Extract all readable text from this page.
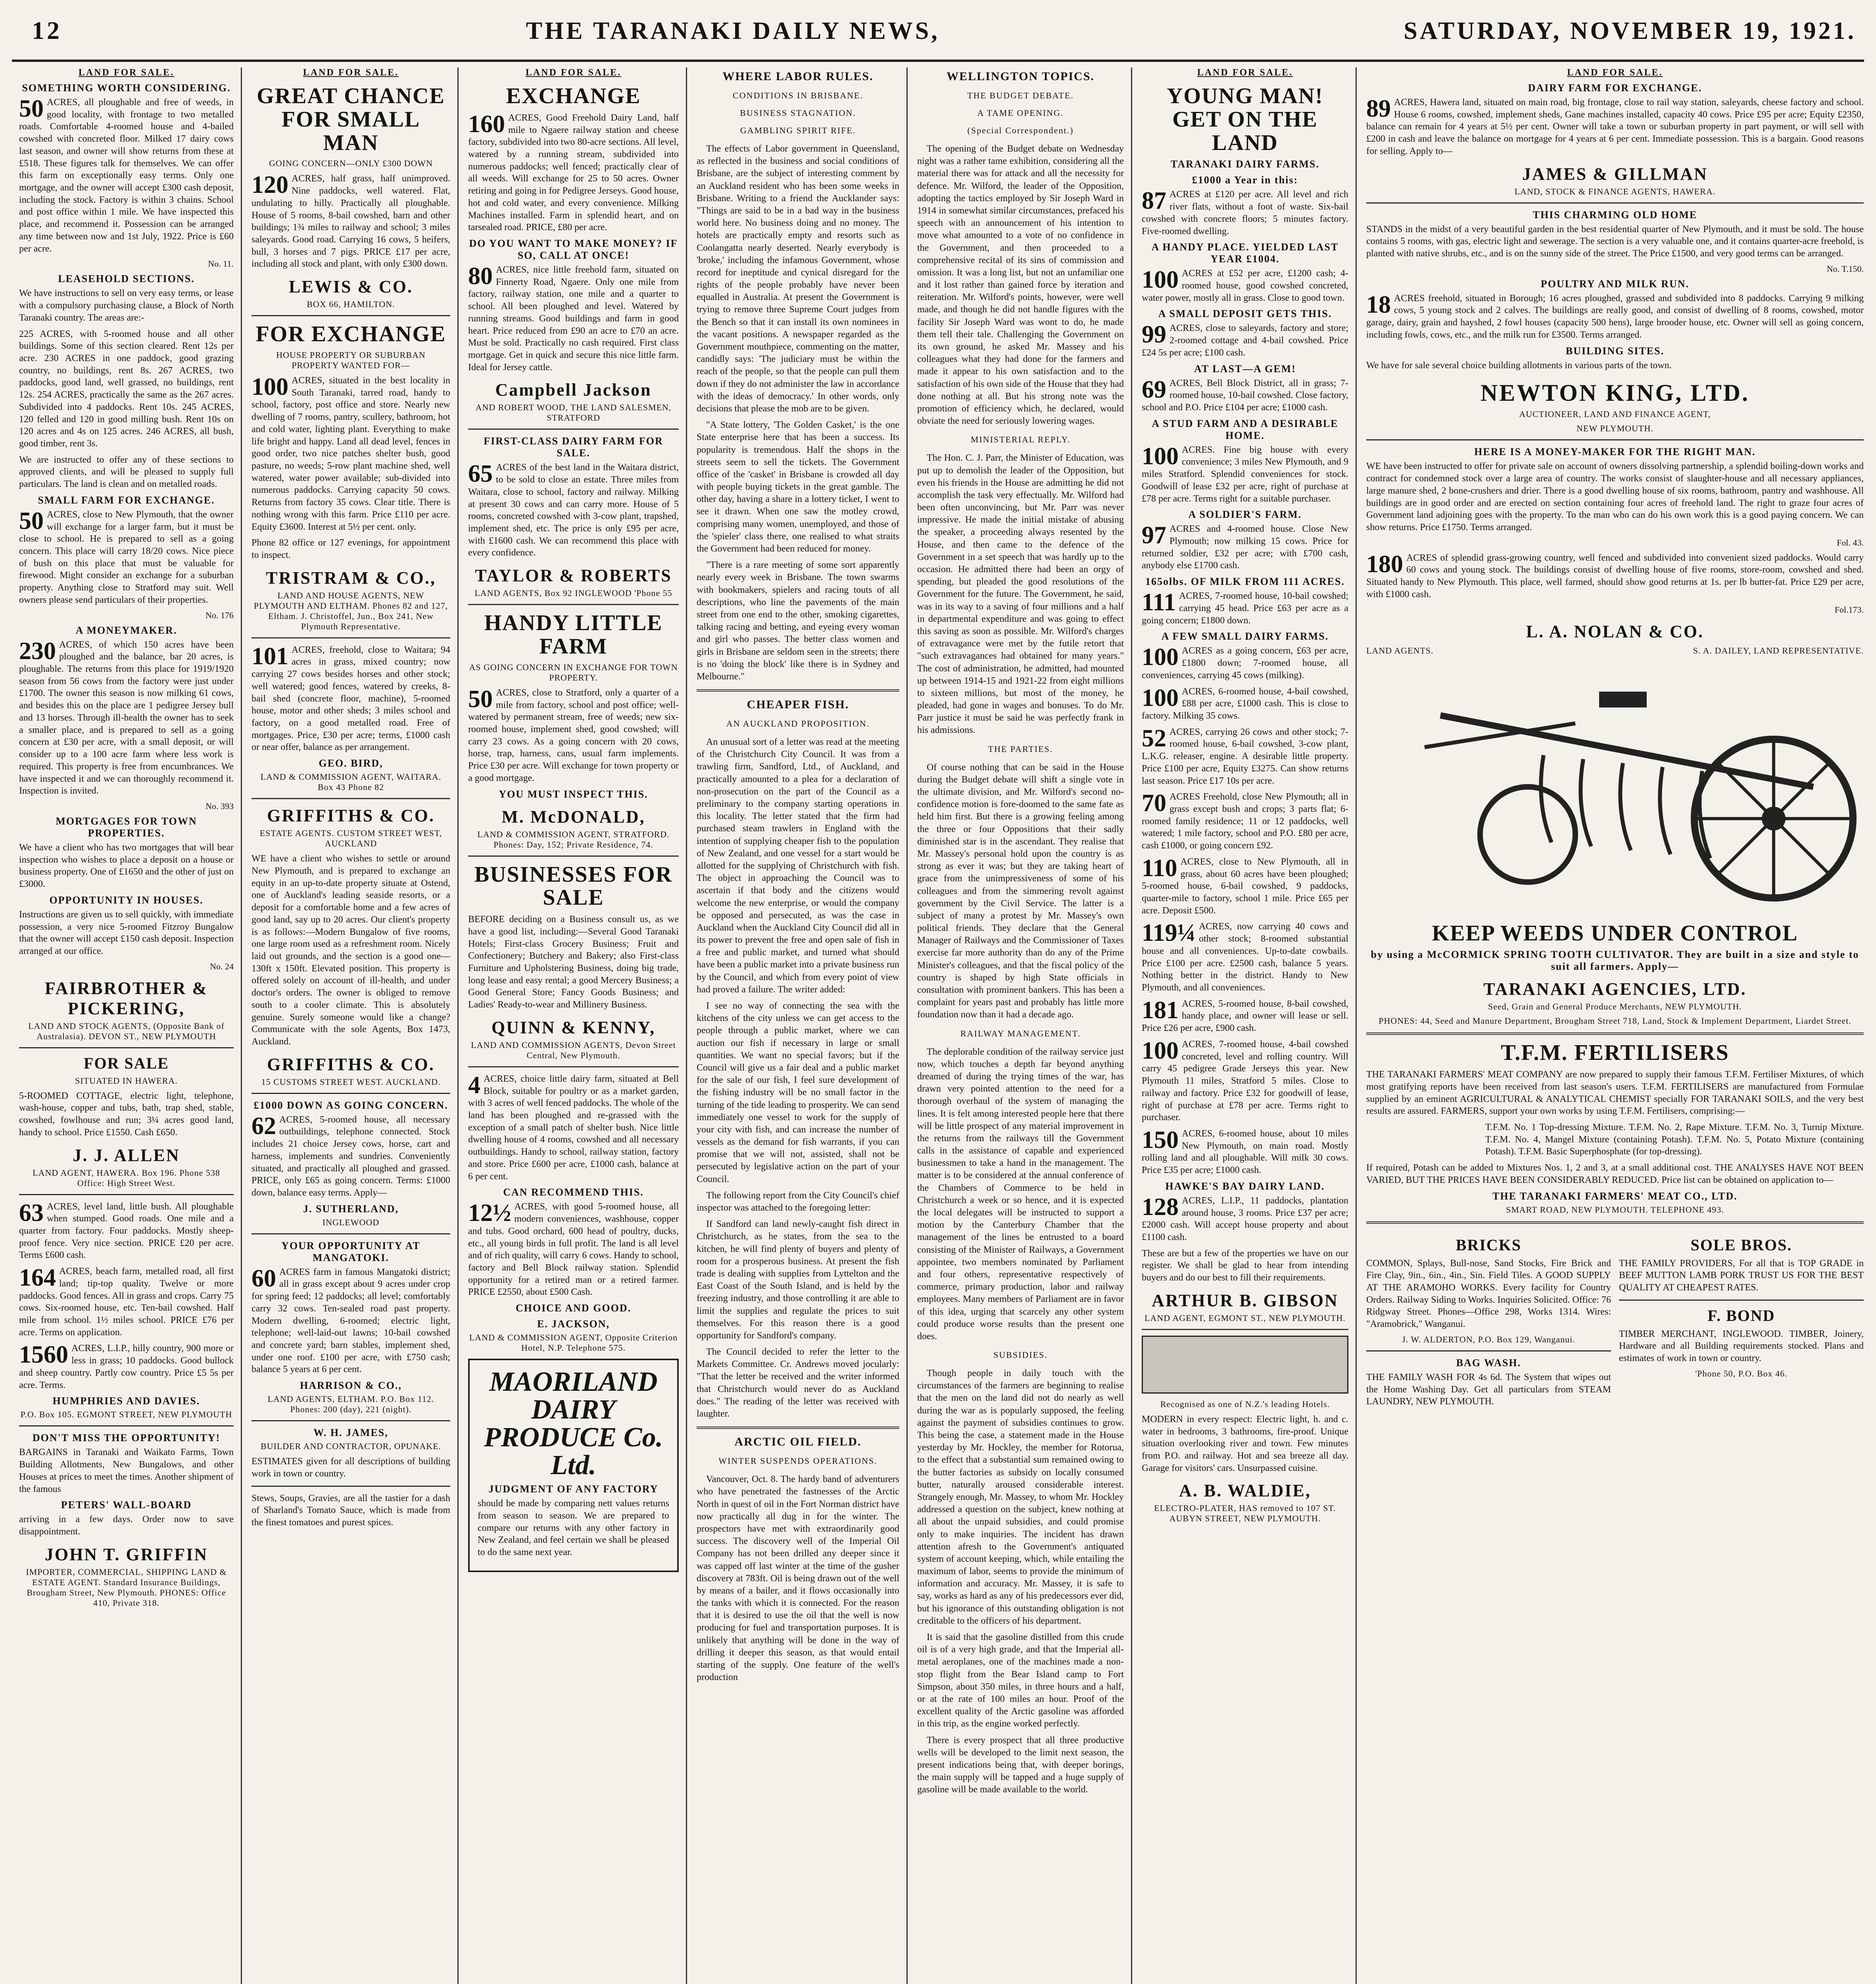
12	THE TARANAKI DAILY NEWS,	SATURDAY, NOVEMBER 19, 1921.
LAND FOR SALE.
SOMETHING WORTH CONSIDERING.
50 ACRES, all ploughable and free of weeds, in good locality, with frontage to two metalled roads. Comfortable 4-roomed house and 4-bailed cowshed with concreted floor. Milked 17 dairy cows last season, and owner will show returns from these at £518. These figures talk for themselves. We can offer this farm on exceptionally easy terms. Only one mortgage, and the owner will accept £300 cash deposit, including the stock. Factory is within 3 chains. School and post office within 1 mile. We have inspected this place, and recommend it. Possession can be arranged any time between now and 1st July, 1922. Price is £60 per acre.
No. 11.
LEASEHOLD SECTIONS.
We have instructions to sell on very easy terms, or lease with a compulsory purchasing clause, a Block of North Taranaki country. The areas are:-
225 ACRES, with 5-roomed house and all other buildings. Some of this section cleared. Rent 12s per acre. 230 ACRES in one paddock, good grazing country, no buildings, rent 8s. 267 ACRES, two paddocks, good land, well grassed, no buildings, rent 12s. 254 ACRES, practically the same as the 267 acres. Subdivided into 4 paddocks. Rent 10s. 245 ACRES, 120 felled and 120 in good milling bush. Rent 10s on 120 acres and 4s on 125 acres. 246 ACRES, all bush, good timber, rent 3s.
We are instructed to offer any of these sections to approved clients, and will be pleased to supply full particulars. The land is clean and on metalled roads.
SMALL FARM FOR EXCHANGE.
50 ACRES, close to New Plymouth, that the owner will exchange for a larger farm, but it must be close to school. He is prepared to sell as a going concern. This place will carry 18/20 cows. Nice piece of bush on this place that must be valuable for firewood. Might consider an exchange for a suburban property. Anything close to Stratford may suit. Well owners please send particulars of their properties.
No. 176
A MONEYMAKER.
230 ACRES, of which 150 acres have been ploughed and the balance, bar 20 acres, is ploughable. The returns from this place for 1919/1920 season from 56 cows from the factory were just under £1700. The owner this season is now milking 61 cows, and besides this on the place are 1 pedigree Jersey bull and 13 horses. Through ill-health the owner has to seek a smaller place, and is prepared to sell as a going concern at £30 per acre, with a small deposit, or will consider up to a 100 acre farm where less work is required. This property is free from encumbrances. We have inspected it and we can thoroughly recommend it. Inspection is invited.
No. 393
MORTGAGES FOR TOWN PROPERTIES.
We have a client who has two mortgages that will bear inspection who wishes to place a deposit on a house or business property. One of £1650 and the other of just on £3000.
OPPORTUNITY IN HOUSES.
Instructions are given us to sell quickly, with immediate possession, a very nice 5-roomed Fitzroy Bungalow that the owner will accept £150 cash deposit. Inspection arranged at our office.
No. 24
FAIRBROTHER & PICKERING,
LAND AND STOCK AGENTS, (Opposite Bank of Australasia). DEVON ST., NEW PLYMOUTH
FOR SALE
SITUATED IN HAWERA.
5-ROOMED COTTAGE, electric light, telephone, wash-house, copper and tubs, bath, trap shed, stable, cowshed, fowlhouse and run; 3¼ acres good land, handy to school. Price £1550. Cash £650.
J. J. ALLEN
LAND AGENT, HAWERA. Box 196. Phone 538 Office: High Street West.
63 ACRES, level land, little bush. All ploughable when stumped. Good roads. One mile and a quarter from factory. Four paddocks. Mostly sheep-proof fence. Very nice section. PRICE £20 per acre. Terms £600 cash.
164 ACRES, beach farm, metalled road, all first land; tip-top quality. Twelve or more paddocks. Good fences. All in grass and crops. Carry 75 cows. Six-roomed house, etc. Ten-bail cowshed. Half mile from school. 1½ miles school. PRICE £76 per acre. Terms on application.
1560 ACRES, L.I.P., hilly country, 900 more or less in grass; 10 paddocks. Good bullock and sheep country. Partly cow country. Price £5 5s per acre. Terms.
HUMPHRIES AND DAVIES.
P.O. Box 105. EGMONT STREET, NEW PLYMOUTH
DON'T MISS THE OPPORTUNITY!
BARGAINS in Taranaki and Waikato Farms, Town Building Allotments, New Bungalows, and other Houses at prices to meet the times. Another shipment of the famous
PETERS' WALL-BOARD
arriving in a few days. Order now to save disappointment.
JOHN T. GRIFFIN
IMPORTER, COMMERCIAL, SHIPPING LAND & ESTATE AGENT. Standard Insurance Buildings, Brougham Street, New Plymouth. PHONES: Office 410, Private 318.
LAND FOR SALE.
GREAT CHANCE FOR SMALL MAN
GOING CONCERN—ONLY £300 DOWN
120 ACRES, half grass, half unimproved. Nine paddocks, well watered. Flat, undulating to hilly. Practically all ploughable. House of 5 rooms, 8-bail cowshed, barn and other buildings; 1¾ miles to railway and school; 3 miles saleyards. Good road. Carrying 16 cows, 5 heifers, bull, 3 horses and 7 pigs. PRICE £17 per acre, including all stock and plant, with only £300 down.
LEWIS & CO.
BOX 66, HAMILTON.
FOR EXCHANGE
HOUSE PROPERTY OR SUBURBAN PROPERTY WANTED FOR—
100 ACRES, situated in the best locality in South Taranaki, tarred road, handy to school, factory, post office and store. Nearly new dwelling of 7 rooms, pantry, scullery, bathroom, hot and cold water, lighting plant. Everything to make life bright and happy. Land all dead level, fences in good order, two nice patches shelter bush, good pasture, no weeds; 5-row plant machine shed, well watered, water power available; sub-divided into numerous paddocks. Carrying capacity 50 cows. Returns from factory 35 cows. Clear title. There is nothing wrong with this farm. Price £110 per acre. Equity £3600. Interest at 5½ per cent. only.
Phone 82 office or 127 evenings, for appointment to inspect.
TRISTRAM & CO.,
LAND AND HOUSE AGENTS, NEW PLYMOUTH AND ELTHAM. Phones 82 and 127, Eltham. J. Christoffel, Jun., Box 241, New Plymouth Representative.
101 ACRES, freehold, close to Waitara; 94 acres in grass, mixed country; now carrying 27 cows besides horses and other stock; well watered; good fences, watered by creeks, 8-bail shed (concrete floor, machine), 5-roomed house, motor and other sheds; 3 miles school and factory, on a good metalled road. Free of mortgages. Price, £30 per acre; terms, £1000 cash or near offer, balance as per arrangement.
GEO. BIRD,
LAND & COMMISSION AGENT, WAITARA. Box 43 Phone 82
GRIFFITHS & CO.
ESTATE AGENTS. CUSTOM STREET WEST, AUCKLAND
WE have a client who wishes to settle or around New Plymouth, and is prepared to exchange an equity in an up-to-date property situate at Ostend, one of Auckland's leading seaside resorts, or a deposit for a comfortable home and a few acres of good land, say up to 20 acres. Our client's property is as follows:—Modern Bungalow of five rooms, one large room used as a refreshment room. Nicely laid out grounds, and the section is a good one—130ft x 150ft. Elevated position. This property is offered solely on account of ill-health, and under doctor's orders. The owner is obliged to remove south to a cooler climate. This is absolutely genuine. Surely someone would like a change? Communicate with the sole Agents, Box 1473, Auckland.
GRIFFITHS & CO.
15 CUSTOMS STREET WEST. AUCKLAND.
£1000 DOWN AS GOING CONCERN.
62 ACRES, 5-roomed house, all necessary outbuildings, telephone connected. Stock includes 21 choice Jersey cows, horse, cart and harness, implements and sundries. Conveniently situated, and practically all ploughed and grassed. PRICE, only £65 as going concern. Terms: £1000 down, balance easy terms. Apply—
J. SUTHERLAND,
INGLEWOOD
YOUR OPPORTUNITY AT MANGATOKI.
60 ACRES farm in famous Mangatoki district; all in grass except about 9 acres under crop for spring feed; 12 paddocks; all level; comfortably carry 32 cows. Ten-sealed road past property. Modern dwelling, 6-roomed; electric light, telephone; well-laid-out lawns; 10-bail cowshed and concrete yard; barn stables, implement shed, under one roof. £100 per acre, with £750 cash; balance 5 years at 6 per cent.
HARRISON & CO.,
LAND AGENTS, ELTHAM. P.O. Box 112. Phones: 200 (day), 221 (night).
W. H. JAMES,
BUILDER AND CONTRACTOR, OPUNAKE.
ESTIMATES given for all descriptions of building work in town or country.
Stews, Soups, Gravies, are all the tastier for a dash of Sharland's Tomato Sauce, which is made from the finest tomatoes and purest spices.
LAND FOR SALE.
EXCHANGE
160 ACRES, Good Freehold Dairy Land, half mile to Ngaere railway station and cheese factory, subdivided into two 80-acre sections. All level, watered by a running stream, subdivided into numerous paddocks; well fenced; practically clear of all weeds. Will exchange for 25 to 50 acres. Owner retiring and going in for Pedigree Jerseys. Good house, hot and cold water, and every convenience. Milking Machines installed. Farm in splendid heart, and on tarsealed road. PRICE, £80 per acre.
DO YOU WANT TO MAKE MONEY? IF SO, CALL AT ONCE!
80 ACRES, nice little freehold farm, situated on Finnerty Road, Ngaere. Only one mile from factory, railway station, one mile and a quarter to school. All been ploughed and level. Watered by running streams. Good buildings and farm in good heart. Price reduced from £90 an acre to £70 an acre. Must be sold. Practically no cash required. First class mortgage. Get in quick and secure this nice little farm. Ideal for Jersey cattle.
Campbell Jackson
AND ROBERT WOOD, THE LAND SALESMEN, STRATFORD
FIRST-CLASS DAIRY FARM FOR SALE.
65 ACRES of the best land in the Waitara district, to be sold to close an estate. Three miles from Waitara, close to school, factory and railway. Milking at present 30 cows and can carry more. House of 5 rooms, concreted cowshed with 3-cow plant, trapshed, implement shed, etc. The price is only £95 per acre, with £1600 cash. We can recommend this place with every confidence.
TAYLOR & ROBERTS
LAND AGENTS, Box 92 INGLEWOOD 'Phone 55
HANDY LITTLE FARM
AS GOING CONCERN IN EXCHANGE FOR TOWN PROPERTY.
50 ACRES, close to Stratford, only a quarter of a mile from factory, school and post office; well-watered by permanent stream, free of weeds; new six-roomed house, implement shed, good cowshed; will carry 23 cows. As a going concern with 20 cows, horse, trap, harness, cans, usual farm implements. Price £30 per acre. Will exchange for town property or a good mortgage.
YOU MUST INSPECT THIS.
M. McDONALD,
LAND & COMMISSION AGENT, STRATFORD. Phones: Day, 152; Private Residence, 74.
BUSINESSES FOR SALE
BEFORE deciding on a Business consult us, as we have a good list, including:—Several Good Taranaki Hotels; First-class Grocery Business; Fruit and Confectionery; Butchery and Bakery; also First-class Furniture and Upholstering Business, doing big trade, long lease and easy rental; a good Mercery Business; a Good General Store; Fancy Goods Business; and Ladies' Ready-to-wear and Millinery Business.
QUINN & KENNY,
LAND AND COMMISSION AGENTS, Devon Street Central, New Plymouth.
4 ACRES, choice little dairy farm, situated at Bell Block, suitable for poultry or as a market garden, with 3 acres of well fenced paddocks. The whole of the land has been ploughed and re-grassed with the exception of a small patch of shelter bush. Nice little dwelling house of 4 rooms, cowshed and all necessary outbuildings. Handy to school, railway station, factory and store. Price £600 per acre, £1000 cash, balance at 6 per cent.
CAN RECOMMEND THIS.
12½ ACRES, with good 5-roomed house, all modern conveniences, washhouse, copper and tubs. Good orchard, 600 head of poultry, ducks, etc., all young birds in full profit. The land is all level and of rich quality, will carry 6 cows. Handy to school, factory and Bell Block railway station. Splendid opportunity for a retired man or a retired farmer. PRICE £2550, about £500 Cash.
CHOICE AND GOOD.
E. JACKSON,
LAND & COMMISSION AGENT, Opposite Criterion Hotel, N.P. Telephone 575.
MAORILAND DAIRY PRODUCE Co. Ltd.
JUDGMENT OF ANY FACTORY
should be made by comparing nett values returns from season to season. We are prepared to compare our returns with any other factory in New Zealand, and feel certain we shall be pleased to do the same next year.
WHERE LABOR RULES.
CONDITIONS IN BRISBANE.
BUSINESS STAGNATION.
GAMBLING SPIRIT RIFE.
The effects of Labor government in Queensland, as reflected in the business and social conditions of Brisbane, are the subject of interesting comment by an Auckland resident who has been some weeks in Brisbane. Writing to a friend the Aucklander says: "Things are said to be in a bad way in the business world here. No business doing and no money. The hotels are practically empty and resorts such as Coolangatta nearly deserted. Nearly everybody is 'broke,' including the infamous Government, whose record for ineptitude and cynical disregard for the rights of the people probably have never been equalled in Australia. At present the Government is trying to remove three Supreme Court judges from the Bench so that it can install its own nominees in the vacant positions. A newspaper regarded as the Government mouthpiece, commenting on the matter, candidly says: 'The judiciary must be within the reach of the people, so that the people can pull them down if they do not administer the law in accordance with the ideas of democracy.' In other words, only decisions that please the mob are to be given.
"A State lottery, 'The Golden Casket,' is the one State enterprise here that has been a success. Its popularity is tremendous. Half the shops in the streets seem to sell the tickets. The Government office of the 'casket' in Brisbane is crowded all day with people buying tickets in the great gamble. The other day, having a share in a lottery ticket, I went to see it drawn. When one saw the motley crowd, comprising many women, unemployed, and those of the 'spieler' class there, one realised to what straits the Government had been reduced for money.
"There is a rare meeting of some sort apparently nearly every week in Brisbane. The town swarms with bookmakers, spielers and racing touts of all descriptions, who line the pavements of the main street from one end to the other, smoking cigarettes, talking racing and betting, and eyeing every woman and girl who passes. The better class women and girls in Brisbane are seldom seen in the streets; there is no 'doing the block' like there is in Sydney and Melbourne."
CHEAPER FISH.
AN AUCKLAND PROPOSITION.
An unusual sort of a letter was read at the meeting of the Christchurch City Council. It was from a trawling firm, Sandford, Ltd., of Auckland, and practically amounted to a plea for a declaration of non-prosecution on the part of the Council as a preliminary to the company starting operations in this locality. The letter stated that the firm had purchased steam trawlers in England with the intention of supplying cheaper fish to the population of New Zealand, and one vessel for a start would be allotted for the supplying of Christchurch with fish. The object in approaching the Council was to ascertain if that body and the citizens would welcome the new enterprise, or would the company be opposed and persecuted, as was the case in Auckland when the Auckland City Council did all in its power to prevent the free and open sale of fish in a free and public market, and turned what should have been a public market into a private business run by the Council, and which from every point of view had proved a failure. The writer added:
I see no way of connecting the sea with the kitchens of the city unless we can get access to the people through a public market, where we can auction our fish if necessary in large or small quantities. We want no special favors; but if the Council will give us a fair deal and a public market for the sale of our fish, I feel sure development of the fishing industry will be no small factor in the turning of the tide leading to prosperity. We can send immediately one vessel to work for the supply of your city with fish, and can increase the number of vessels as the demand for fish warrants, if you can promise that we will not, assisted, shall not be persecuted by legislative action on the part of your Council.
The following report from the City Council's chief inspector was attached to the foregoing letter:
If Sandford can land newly-caught fish direct in Christchurch, as he states, from the sea to the kitchen, he will find plenty of buyers and plenty of room for a prosperous business. At present the fish trade is dealing with supplies from Lyttelton and the East Coast of the South Island, and is held by the freezing industry, and those controlling it are able to limit the supplies and regulate the prices to suit themselves. For this reason there is a good opportunity for Sandford's company.
The Council decided to refer the letter to the Markets Committee. Cr. Andrews moved jocularly: "That the letter be received and the writer informed that Christchurch would never do as Auckland does." The reading of the letter was received with laughter.
ARCTIC OIL FIELD.
WINTER SUSPENDS OPERATIONS.
Vancouver, Oct. 8. The hardy band of adventurers who have penetrated the fastnesses of the Arctic North in quest of oil in the Fort Norman district have now practically all dug in for the winter. The prospectors have met with extraordinarily good success. The discovery well of the Imperial Oil Company has not been drilled any deeper since it was capped off last winter at the time of the gusher discovery at 783ft. Oil is being drawn out of the well by means of a bailer, and it flows occasionally into the tanks with which it is connected. For the reason that it is desired to use the oil that the well is now producing for fuel and transportation purposes. It is unlikely that anything will be done in the way of drilling it deeper this season, as that would entail starting of the supply. One feature of the well's production
WELLINGTON TOPICS.
THE BUDGET DEBATE.
A TAME OPENING.
(Special Correspondent.)
The opening of the Budget debate on Wednesday night was a rather tame exhibition, considering all the material there was for attack and all the necessity for defence. Mr. Wilford, the leader of the Opposition, adopting the tactics employed by Sir Joseph Ward in 1914 in somewhat similar circumstances, prefaced his speech with an announcement of his intention to move what amounted to a vote of no confidence in the Government, and then proceeded to a comprehensive recital of its sins of commission and omission. It was a long list, but not an unfamiliar one and it lost rather than gained force by iteration and reiteration. Mr. Wilford's points, however, were well made, and though he did not handle figures with the facility Sir Joseph Ward was wont to do, he made them tell their tale. Challenging the Government on its own ground, he asked Mr. Massey and his colleagues what they had done for the farmers and made it appear to his own satisfaction and to the satisfaction of his own side of the House that they had done nothing at all. But his strong note was the promotion of efficiency which, he declared, would obviate the need for seriously lowering wages.
MINISTERIAL REPLY.
The Hon. C. J. Parr, the Minister of Education, was put up to demolish the leader of the Opposition, but even his friends in the House are admitting he did not accomplish the task very effectually. Mr. Wilford had been often unconvincing, but Mr. Parr was never impressive. He made the initial mistake of abusing the speaker, a proceeding always resented by the House, and then came to the defence of the Government in a set speech that was hardly up to the occasion. He admitted there had been an orgy of spending, but pleaded the good resolutions of the Government for the future. The Government, he said, was in its way to a saving of four millions and a half in departmental expenditure and was going to effect this saving as soon as possible. Mr. Wilford's charges of extravagance were met by the futile retort that "such extravagances had obtained for many years." The cost of administration, he admitted, had mounted up between 1914-15 and 1921-22 from eight millions to sixteen millions, but most of the money, he pleaded, had gone in wages and bonuses. To do Mr. Parr justice it must be said he was perfectly frank in his admissions.
THE PARTIES.
Of course nothing that can be said in the House during the Budget debate will shift a single vote in the ultimate division, and Mr. Wilford's second no-confidence motion is fore-doomed to the same fate as held him first. But there is a growing feeling among the three or four Oppositions that their sadly diminished star is in the ascendant. They realise that Mr. Massey's personal hold upon the country is as strong as ever it was; but they are taking heart of grace from the unimpressiveness of some of his colleagues and from the simmering revolt against government by the Civil Service. The latter is a subject of many a protest by Mr. Massey's own political friends. They declare that the General Manager of Railways and the Commissioner of Taxes exercise far more authority than do any of the Prime Minister's colleagues, and that the fiscal policy of the country is shaped by high State officials in consultation with prominent bankers. This has been a complaint for years past and probably has little more foundation now than it had a decade ago.
RAILWAY MANAGEMENT.
The deplorable condition of the railway service just now, which touches a depth far beyond anything dreamed of during the trying times of the war, has drawn very pointed attention to the need for a thorough overhaul of the system of managing the lines. It is felt among interested people here that there will be little prospect of any material improvement in the returns from the railways till the Government calls in the assistance of capable and experienced businessmen to take a hand in the management. The matter is to be considered at the annual conference of the Chambers of Commerce to be held in Christchurch a week or so hence, and it is expected the local delegates will be instructed to support a motion by the Canterbury Chamber that the management of the lines be entrusted to a board consisting of the Minister of Railways, a Government appointee, two members nominated by Parliament and four others, representative respectively of commerce, primary production, labor and railway employees. Many members of Parliament are in favor of this idea, urging that scarcely any other system could produce worse results than the present one does.
SUBSIDIES.
Though people in daily touch with the circumstances of the farmers are beginning to realise that the men on the land did not do nearly as well during the war as is popularly supposed, the feeling against the payment of subsidies continues to grow. This being the case, a statement made in the House yesterday by Mr. Hockley, the member for Rotorua, to the effect that a substantial sum remained owing to the butter factories as subsidy on locally consumed butter, naturally aroused considerable interest. Strangely enough, Mr. Massey, to whom Mr. Hockley addressed a question on the subject, knew nothing at all about the unpaid subsidies, and could promise only to make inquiries. The incident has drawn attention afresh to the Government's antiquated system of account keeping, which, while entailing the maximum of labor, seems to provide the minimum of information and accuracy. Mr. Massey, it is safe to say, works as hard as any of his predecessors ever did, but his ignorance of this outstanding obligation is not creditable to the officers of his department.
It is said that the gasoline distilled from this crude oil is of a very high grade, and that the Imperial all-metal aeroplanes, one of the machines made a non-stop flight from the Bear Island camp to Fort Simpson, about 350 miles, in three hours and a half, or at the rate of 100 miles an hour. Proof of the excellent quality of the Arctic gasoline was afforded in this trip, as the engine worked perfectly.
There is every prospect that all three productive wells will be developed to the limit next season, the present indications being that, with deeper borings, the main supply will be tapped and a huge supply of gasoline will be made available to the world.
LAND FOR SALE.
YOUNG MAN! GET ON THE LAND
TARANAKI DAIRY FARMS.
£1000 a Year in this:
87 ACRES at £120 per acre. All level and rich river flats, without a foot of waste. Six-bail cowshed with concrete floors; 5 minutes factory. Five-roomed dwelling.
A HANDY PLACE. YIELDED LAST YEAR £1004.
100 ACRES at £52 per acre, £1200 cash; 4-roomed house, good cowshed concreted, water power, mostly all in grass. Close to good town.
A SMALL DEPOSIT GETS THIS.
99 ACRES, close to saleyards, factory and store; 2-roomed cottage and 4-bail cowshed. Price £24 5s per acre; £100 cash.
AT LAST—A GEM!
69 ACRES, Bell Block District, all in grass; 7-roomed house, 10-bail cowshed. Close factory, school and P.O. Price £104 per acre; £1000 cash.
A STUD FARM AND A DESIRABLE HOME.
100 ACRES. Fine big house with every convenience; 3 miles New Plymouth, and 9 miles Stratford. Splendid conveniences for stock. Goodwill of lease £32 per acre, right of purchase at £78 per acre. Terms right for a suitable purchaser.
A SOLDIER'S FARM.
97 ACRES and 4-roomed house. Close New Plymouth; now milking 15 cows. Price for returned soldier, £32 per acre; with £700 cash, anybody else £1700 cash.
165olbs. OF MILK FROM 111 ACRES.
111 ACRES, 7-roomed house, 10-bail cowshed; carrying 45 head. Price £63 per acre as a going concern; £1800 down.
A FEW SMALL DAIRY FARMS.
100 ACRES as a going concern, £63 per acre, £1800 down; 7-roomed house, all conveniences, carrying 45 cows (milking).
100 ACRES, 6-roomed house, 4-bail cowshed, £88 per acre, £1000 cash. This is close to factory. Milking 35 cows.
52 ACRES, carrying 26 cows and other stock; 7-roomed house, 6-bail cowshed, 3-cow plant, L.K.G. releaser, engine. A desirable little property. Price £100 per acre, Equity £3275. Can show returns last season. Price £17 10s per acre.
70 ACRES Freehold, close New Plymouth; all in grass except bush and crops; 3 parts flat; 6-roomed family residence; 11 or 12 paddocks, well watered; 1 mile factory, school and P.O. £80 per acre, cash £1000, or going concern £92.
110 ACRES, close to New Plymouth, all in grass, about 60 acres have been ploughed; 5-roomed house, 6-bail cowshed, 9 paddocks, quarter-mile to factory, school 1 mile. Price £65 per acre. Deposit £500.
119¼ ACRES, now carrying 40 cows and other stock; 8-roomed substantial house and all conveniences. Up-to-date cowbails. Price £100 per acre. £2500 cash, balance 5 years. Nothing better in the district. Handy to New Plymouth, and all conveniences.
181 ACRES, 5-roomed house, 8-bail cowshed, handy place, and owner will lease or sell. Price £26 per acre, £900 cash.
100 ACRES, 7-roomed house, 4-bail cowshed concreted, level and rolling country. Will carry 45 pedigree Grade Jerseys this year. New Plymouth 11 miles, Stratford 5 miles. Close to railway and factory. Price £32 for goodwill of lease, right of purchase at £78 per acre. Terms right to purchaser.
150 ACRES, 6-roomed house, about 10 miles New Plymouth, on main road. Mostly rolling land and all ploughable. Will milk 30 cows. Price £35 per acre; £1000 cash.
HAWKE'S BAY DAIRY LAND.
128 ACRES, L.I.P., 11 paddocks, plantation around house, 3 rooms. Price £37 per acre; £2000 cash. Will accept house property and about £1100 cash.
These are but a few of the properties we have on our register. We shall be glad to hear from intending buyers and do our best to fill their requirements.
ARTHUR B. GIBSON
LAND AGENT, EGMONT ST., NEW PLYMOUTH.
Recognised as one of N.Z.'s leading Hotels.
MODERN in every respect: Electric light, h. and c. water in bedrooms, 3 bathrooms, fire-proof. Unique situation overlooking river and town. Few minutes from P.O. and railway. Hot and sea breeze all day. Garage for visitors' cars. Unsurpassed cuisine.
A. B. WALDIE,
ELECTRO-PLATER, HAS removed to 107 ST. AUBYN STREET, NEW PLYMOUTH.
LAND FOR SALE.
DAIRY FARM FOR EXCHANGE.
89 ACRES, Hawera land, situated on main road, big frontage, close to rail way station, saleyards, cheese factory and school. House 6 rooms, cowshed, implement sheds, Gane machines installed, capacity 40 cows. Price £95 per acre; Equity £2350, balance can remain for 4 years at 5½ per cent. Owner will take a town or suburban property in part payment, or will sell with £200 in cash and leave the balance on mortgage for 4 years at 6 per cent. Immediate possession. This is a bargain. Good reasons for selling. Apply to—
JAMES & GILLMAN
LAND, STOCK & FINANCE AGENTS, HAWERA.
THIS CHARMING OLD HOME
STANDS in the midst of a very beautiful garden in the best residential quarter of New Plymouth, and it must be sold. The house contains 5 rooms, with gas, electric light and sewerage. The section is a very valuable one, and it contains quarter-acre freehold, is planted with native shrubs, etc., and is on the sunny side of the street. The Price £1500, and very good terms can be arranged.
No. T.150.
POULTRY AND MILK RUN.
18 ACRES freehold, situated in Borough; 16 acres ploughed, grassed and subdivided into 8 paddocks. Carrying 9 milking cows, 5 young stock and 2 calves. The buildings are really good, and consist of dwelling of 8 rooms, cowshed, motor garage, dairy, grain and hayshed, 2 fowl houses (capacity 500 hens), large brooder house, etc. Owner will sell as going concern, including fowls, cows, etc., and the milk run for £3500. Terms arranged.
BUILDING SITES.
We have for sale several choice building allotments in various parts of the town.
NEWTON KING, LTD.
AUCTIONEER, LAND AND FINANCE AGENT,
NEW PLYMOUTH.
HERE IS A MONEY-MAKER FOR THE RIGHT MAN.
WE have been instructed to offer for private sale on account of owners dissolving partnership, a splendid boiling-down works and contract for condemned stock over a large area of country. The works consist of slaughter-house and all necessary appliances, large manure shed, 2 bone-crushers and drier. There is a good dwelling house of six rooms, bathroom, pantry and washhouse. All buildings are in good order and are erected on section containing four acres of freehold land. The right to graze four acres of Government land adjoining goes with the property. To the man who can do his own work this is a good paying concern. We can show returns. Price £1750. Terms arranged.
Fol. 43.
180 ACRES of splendid grass-growing country, well fenced and subdivided into convenient sized paddocks. Would carry 60 cows and young stock. The buildings consist of dwelling house of five rooms, store-room, cowshed and shed. Situated handy to New Plymouth. This place, well farmed, should show good returns at 1s. per lb butter-fat. Price £29 per acre, with £1000 cash.
Fol.173.
L. A. NOLAN & CO.
LAND AGENTS.	S. A. DAILEY, LAND REPRESENTATIVE.
KEEP WEEDS UNDER CONTROL
by using a McCORMICK SPRING TOOTH CULTIVATOR. They are built in a size and style to suit all farmers. Apply—
TARANAKI AGENCIES, LTD.
Seed, Grain and General Produce Merchants, NEW PLYMOUTH.
PHONES: 44, Seed and Manure Department, Brougham Street 718, Land, Stock & Implement Department, Liardet Street.
T.F.M. FERTILISERS
THE TARANAKI FARMERS' MEAT COMPANY are now prepared to supply their famous T.F.M. Fertiliser Mixtures, of which most gratifying reports have been received from last season's users. T.F.M. FERTILISERS are manufactured from Formulae supplied by an eminent AGRICULTURAL & ANALYTICAL CHEMIST specially FOR TARANAKI SOILS, and the very best results are assured. FARMERS, support your own works by using T.F.M. Fertilisers, comprising:—
T.F.M. No. 1 Top-dressing Mixture. T.F.M. No. 2, Rape Mixture. T.F.M. No. 3, Turnip Mixture. T.F.M. No. 4, Mangel Mixture (containing Potash). T.F.M. No. 5, Potato Mixture (containing Potash). T.F.M. Basic Superphosphate (for top-dressing).
If required, Potash can be added to Mixtures Nos. 1, 2 and 3, at a small additional cost. THE ANALYSES HAVE NOT BEEN VARIED, BUT THE PRICES HAVE BEEN CONSIDERABLY REDUCED. Price list can be obtained on application to—
THE TARANAKI FARMERS' MEAT CO., LTD.
SMART ROAD, NEW PLYMOUTH. TELEPHONE 493.
BRICKS
COMMON, Splays, Bull-nose, Sand Stocks, Fire Brick and Fire Clay, 9in., 6in., 4in., Sin. Field Tiles. A GOOD SUPPLY AT THE ARAMOHO WORKS. Every facility for Country Orders. Railway Siding to Works. Inquiries Solicited. Office: 76 Ridgway Street. Phones—Office 298, Works 1314. Wires: "Aramobrick," Wanganui.
J. W. ALDERTON, P.O. Box 129, Wanganui.
BAG WASH.
THE FAMILY WASH FOR 4s 6d. The System that wipes out the Home Washing Day. Get all particulars from STEAM LAUNDRY, NEW PLYMOUTH.
SOLE BROS.
THE FAMILY PROVIDERS, For all that is TOP GRADE in BEEF MUTTON LAMB PORK TRUST US FOR THE BEST QUALITY AT CHEAPEST RATES.
F. BOND
TIMBER MERCHANT, INGLEWOOD. TIMBER, Joinery, Hardware and all Building requirements stocked. Plans and estimates of work in town or country.
'Phone 50, P.O. Box 46.
